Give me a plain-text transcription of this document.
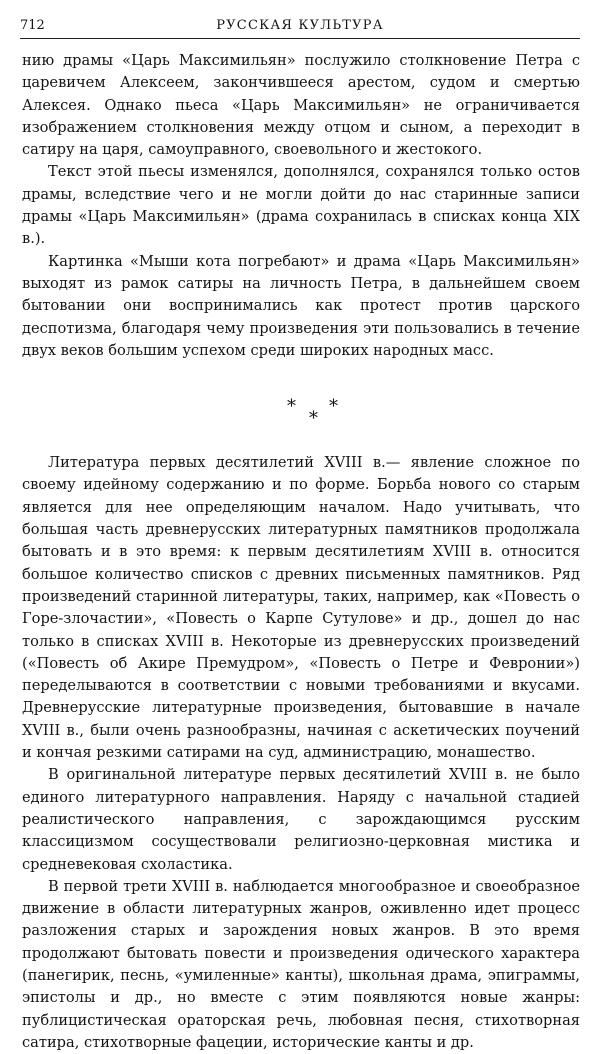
712	РУССКАЯ КУЛЬТУРА

нию драмы «Царь Максимильян» послужило столкновение Петра с царевичем Алексеем, закончившееся арестом, судом и смертью Алексея. Однако пьеса «Царь Максимильян» не ограничивается изображением столкновения между отцом и сыном, а переходит в сатиру на царя, самоуправного, своевольного и жестокого.

Текст этой пьесы изменялся, дополнялся, сохранялся только остов драмы, вследствие чего и не могли дойти до нас старинные записи драмы «Царь Максимильян» (драма сохранилась в списках конца XIX в.).

Картинка «Мыши кота погребают» и драма «Царь Максимильян» выходят из рамок сатиры на личность Петра, в дальнейшем своем бытовании они воспринимались как протест против царского деспотизма, благодаря чему произведения эти пользовались в течение двух веков большим успехом среди широких народных масс.

*
*
*

Литература первых десятилетий XVIII в.— явление сложное по своему идейному содержанию и по форме. Борьба нового со старым является для нее определяющим началом. Надо учитывать, что большая часть древнерусских литературных памятников продолжала бытовать и в это время: к первым десятилетиям XVIII в. относится большое количество списков с древних письменных памятников. Ряд произведений старинной литературы, таких, например, как «Повесть о Горе-злочастии», «Повесть о Карпе Сутулове» и др., дошел до нас только в списках XVIII в. Некоторые из древнерусских произведений («Повесть об Акире Премудром», «Повесть о Петре и Февронии») переделываются в соответствии с новыми требованиями и вкусами. Древнерусские литературные произведения, бытовавшие в начале XVIII в., были очень разнообразны, начиная с аскетических поучений и кончая резкими сатирами на суд, администрацию, монашество.

В оригинальной литературе первых десятилетий XVIII в. не было единого литературного направления. Наряду с начальной стадией реалистического направления, с зарождающимся русским классицизмом сосуществовали религиозно-церковная мистика и средневековая схоластика.

В первой трети XVIII в. наблюдается многообразное и своеобразное движение в области литературных жанров, оживленно идет процесс разложения старых и зарождения новых жанров. В это время продолжают бытовать повести и произведения одического характера (панегирик, песнь, «умиленные» канты), школьная драма, эпиграммы, эпистолы и др., но вместе с этим появляются новые жанры: публицистическая ораторская речь, любовная песня, стихотворная сатира, стихотворные фацеции, исторические канты и др.
